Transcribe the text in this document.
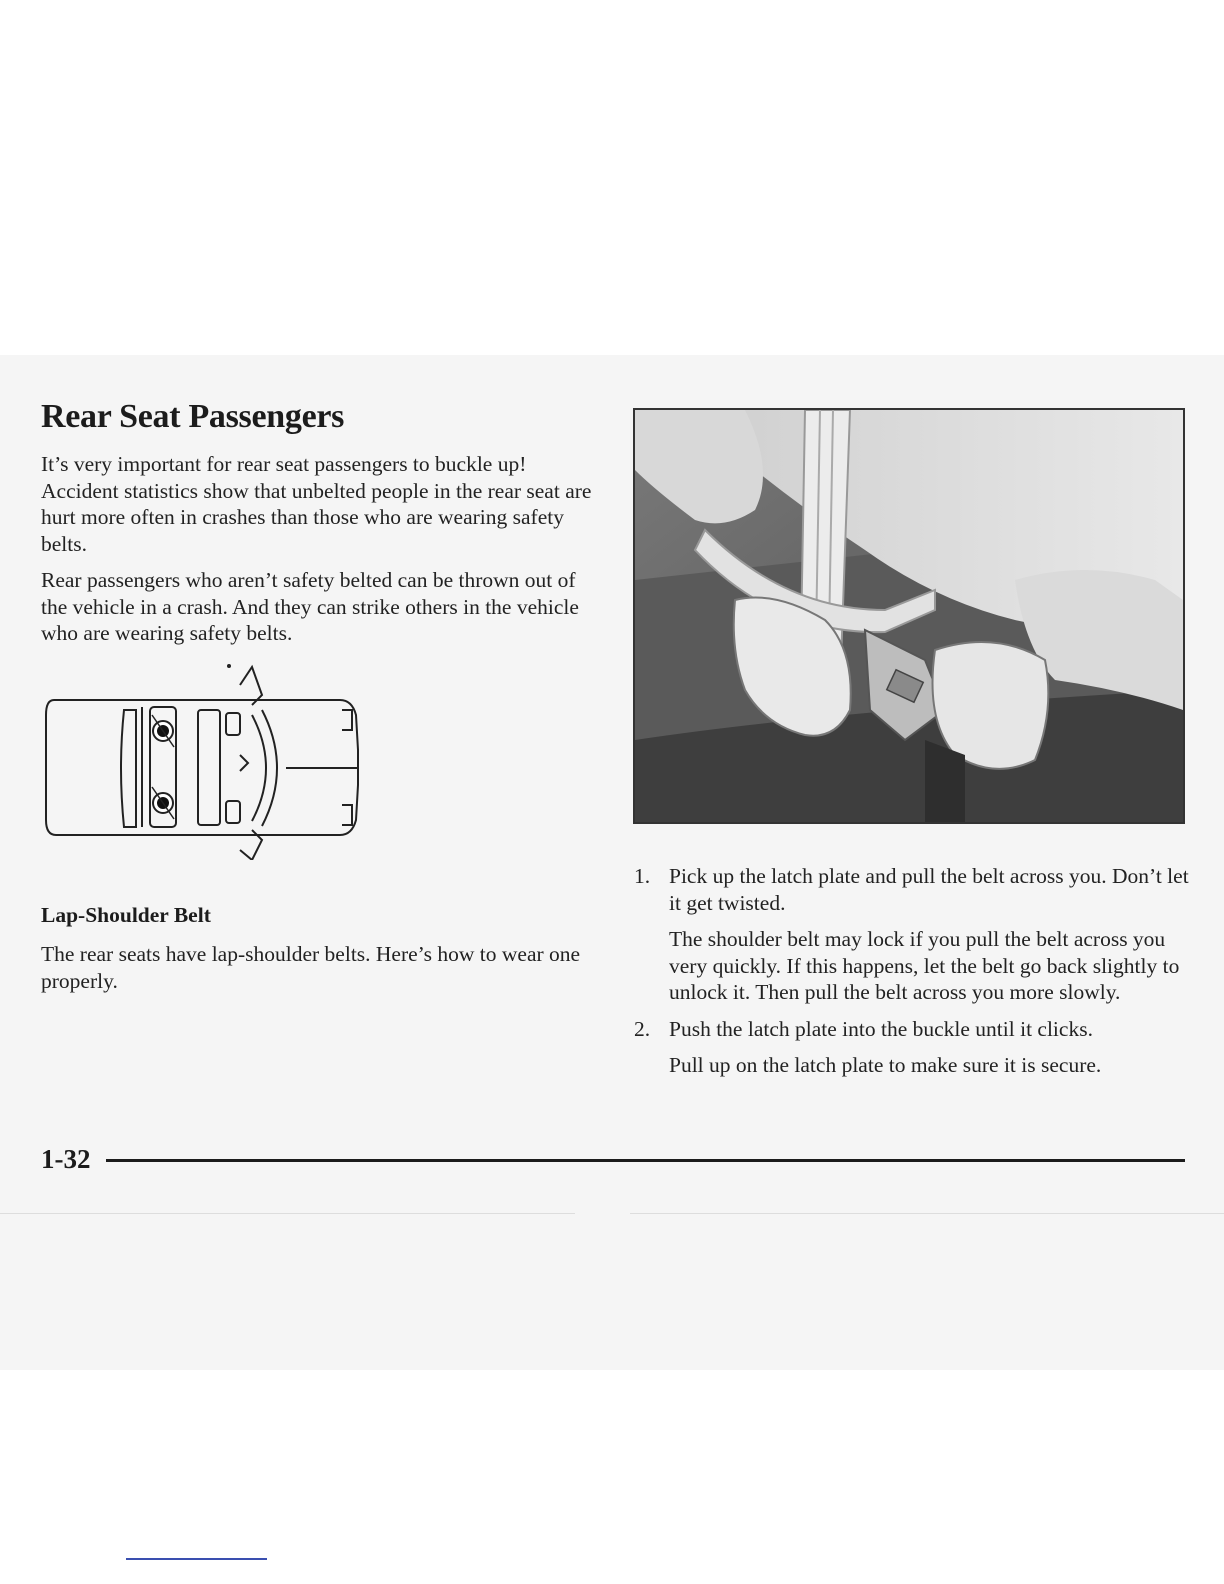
Rear Seat Passengers

It’s very important for rear seat passengers to buckle up! Accident statistics show that unbelted people in the rear seat are hurt more often in crashes than those who are wearing safety belts.

Rear passengers who aren’t safety belted can be thrown out of the vehicle in a crash. And they can strike others in the vehicle who are wearing safety belts.

Lap-Shoulder Belt

The rear seats have lap-shoulder belts. Here’s how to wear one properly.

1. Pick up the latch plate and pull the belt across you. Don’t let it get twisted.

The shoulder belt may lock if you pull the belt across you very quickly. If this happens, let the belt go back slightly to unlock it. Then pull the belt across you more slowly.

2. Push the latch plate into the buckle until it clicks.

Pull up on the latch plate to make sure it is secure.

1-32
